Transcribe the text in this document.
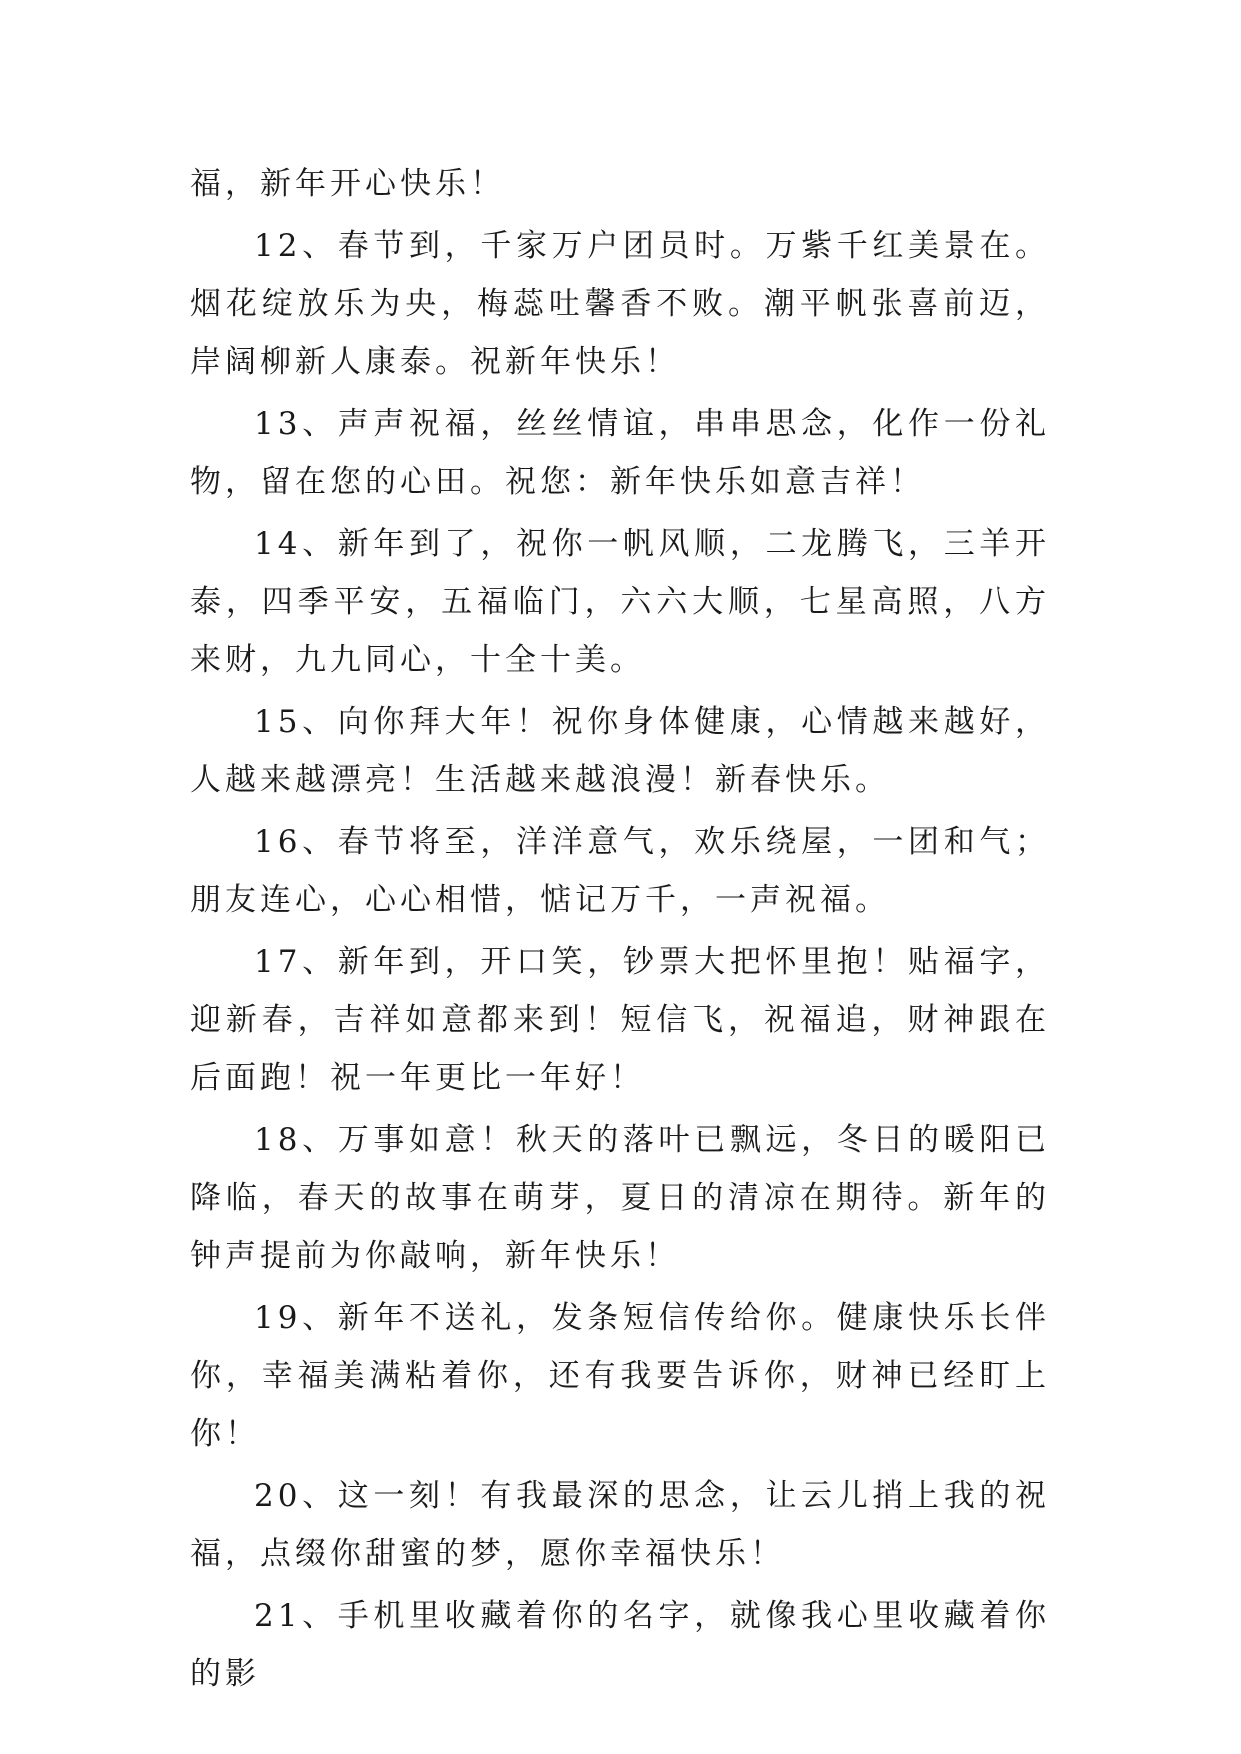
福，新年开心快乐！

12、春节到，千家万户团员时。万紫千红美景在。烟花绽放乐为央，梅蕊吐馨香不败。潮平帆张喜前迈，岸阔柳新人康泰。祝新年快乐！

13、声声祝福，丝丝情谊，串串思念，化作一份礼物，留在您的心田。祝您：新年快乐如意吉祥！

14、新年到了，祝你一帆风顺，二龙腾飞，三羊开泰，四季平安，五福临门，六六大顺，七星高照，八方来财，九九同心，十全十美。

15、向你拜大年！祝你身体健康，心情越来越好，人越来越漂亮！生活越来越浪漫！新春快乐。

16、春节将至，洋洋意气，欢乐绕屋，一团和气；朋友连心，心心相惜，惦记万千，一声祝福。

17、新年到，开口笑，钞票大把怀里抱！贴福字，迎新春，吉祥如意都来到！短信飞，祝福追，财神跟在后面跑！祝一年更比一年好！

18、万事如意！秋天的落叶已飘远，冬日的暖阳已降临，春天的故事在萌芽，夏日的清凉在期待。新年的钟声提前为你敲响，新年快乐！

19、新年不送礼，发条短信传给你。健康快乐长伴你，幸福美满粘着你，还有我要告诉你，财神已经盯上你！

20、这一刻！有我最深的思念，让云儿捎上我的祝福，点缀你甜蜜的梦，愿你幸福快乐！

21、手机里收藏着你的名字，就像我心里收藏着你的影
